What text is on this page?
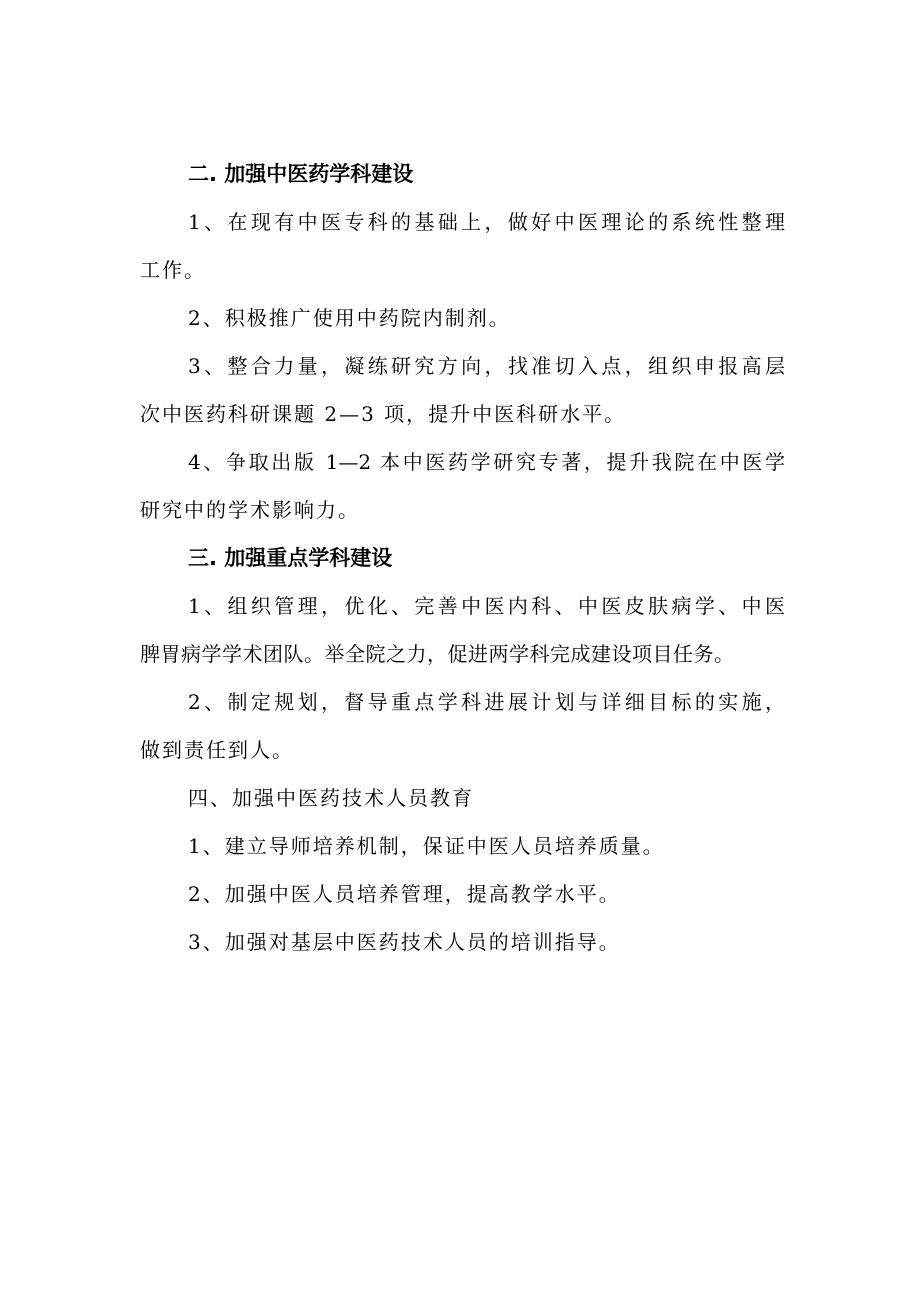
二. 加强中医药学科建设
1、在现有中医专科的基础上，做好中医理论的系统性整理
工作。
2、积极推广使用中药院内制剂。
3、整合力量，凝练研究方向，找准切入点，组织申报高层
次中医药科研课题 2—3 项，提升中医科研水平。
4、争取出版 1—2 本中医药学研究专著，提升我院在中医学
研究中的学术影响力。
三. 加强重点学科建设
1、组织管理，优化、完善中医内科、中医皮肤病学、中医
脾胃病学学术团队。举全院之力，促进两学科完成建设项目任务。
2、制定规划，督导重点学科进展计划与详细目标的实施，
做到责任到人。
四、加强中医药技术人员教育
1、建立导师培养机制，保证中医人员培养质量。
2、加强中医人员培养管理，提高教学水平。
3、加强对基层中医药技术人员的培训指导。
